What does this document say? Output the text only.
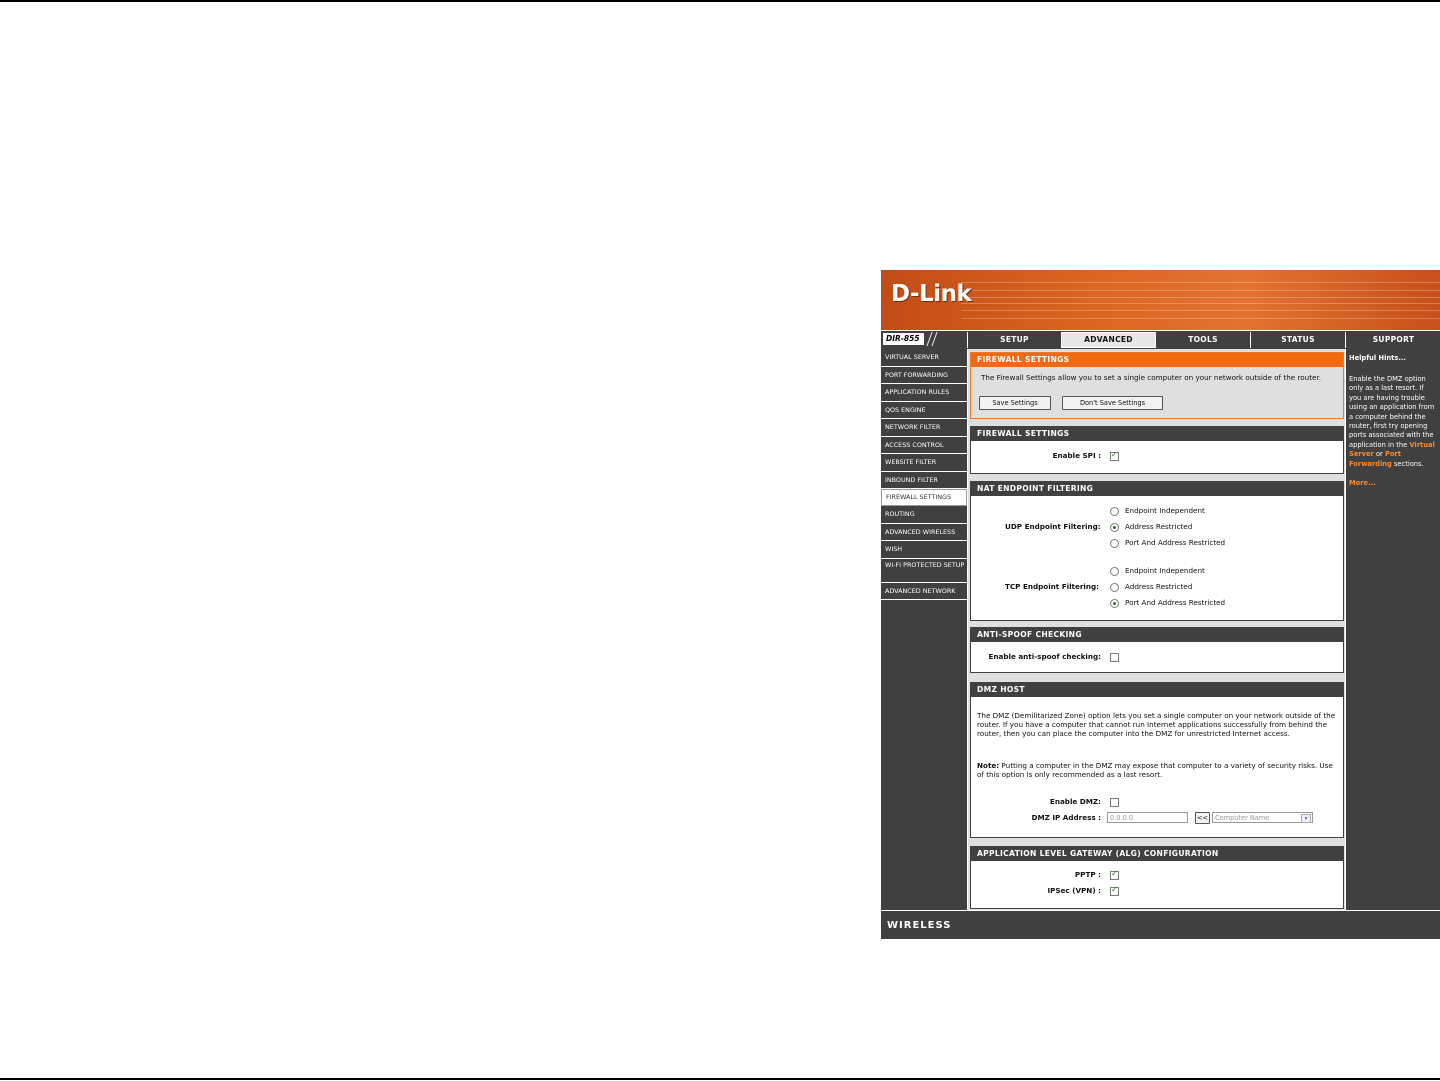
D-Link
DIR-855	SETUP	ADVANCED	TOOLS	STATUS	SUPPORT
VIRTUAL SERVER
PORT FORWARDING
APPLICATION RULES
QOS ENGINE
NETWORK FILTER
ACCESS CONTROL
WEBSITE FILTER
INBOUND FILTER
FIREWALL SETTINGS
ROUTING
ADVANCED WIRELESS
WISH
WI-FI PROTECTED SETUP
ADVANCED NETWORK
FIREWALL SETTINGS
The Firewall Settings allow you to set a single computer on your network outside of the router.
Save Settings	Don't Save Settings
FIREWALL SETTINGS
Enable SPI :
✓
NAT ENDPOINT FILTERING
Endpoint Independent
UDP Endpoint Filtering:	Address Restricted
Port And Address Restricted
Endpoint Independent
TCP Endpoint Filtering:	Address Restricted
Port And Address Restricted
ANTI-SPOOF CHECKING
Enable anti-spoof checking:
DMZ HOST
The DMZ (Demilitarized Zone) option lets you set a single computer on your network outside of the router. If you have a computer that cannot run Internet applications successfully from behind the router, then you can place the computer into the DMZ for unrestricted Internet access.
Note: Putting a computer in the DMZ may expose that computer to a variety of security risks. Use of this option is only recommended as a last resort.
Enable DMZ:
DMZ IP Address :	0.0.0.0	<<	Computer Name	▾
APPLICATION LEVEL GATEWAY (ALG) CONFIGURATION
PPTP :
✓
IPSec (VPN) :
✓
Helpful Hints...
Enable the DMZ option only as a last resort. If you are having trouble using an application from a computer behind the router, first try opening ports associated with the application in the Virtual Server or Port Forwarding sections.
More...
WIRELESS
